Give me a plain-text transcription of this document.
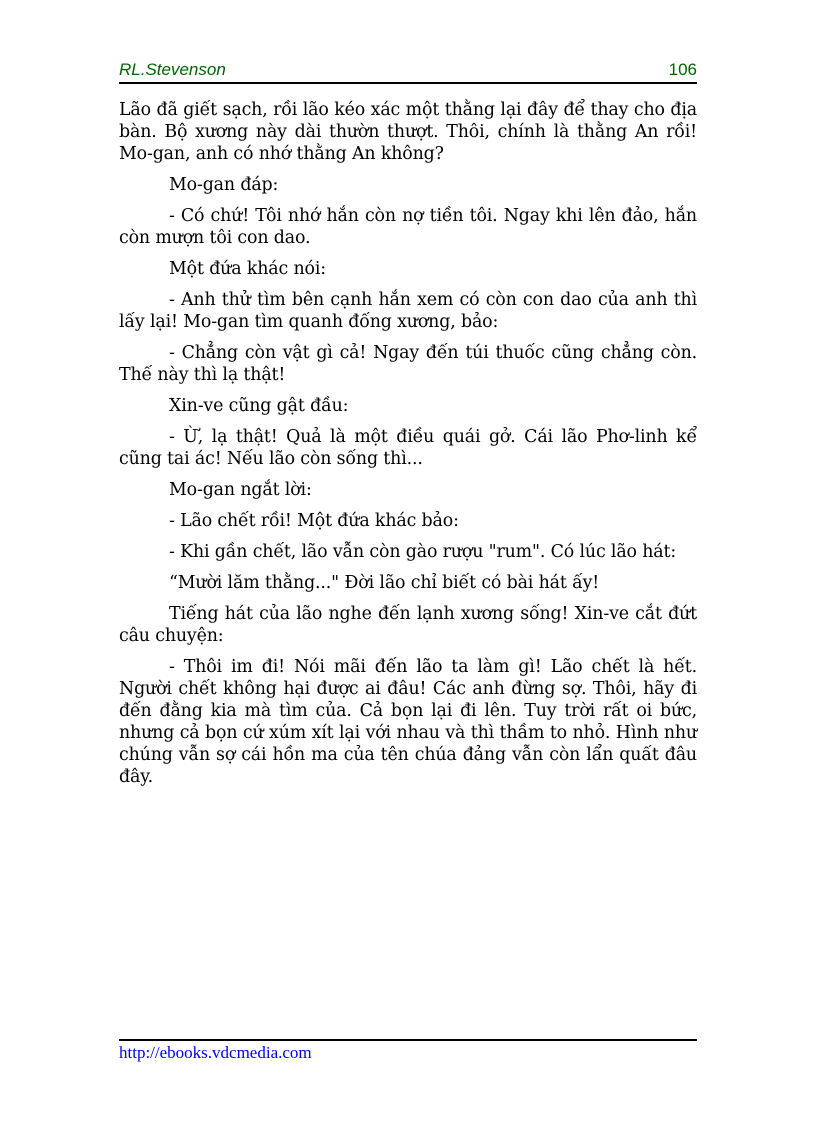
RL.Stevenson	106

Lão đã giết sạch, rồi lão kéo xác một thằng lại đây để thay cho địa bàn. Bộ xương này dài thườn thượt. Thôi, chính là thằng An rồi! Mo-gan, anh có nhớ thằng An không?

Mo-gan đáp:

- Có chứ! Tôi nhớ hắn còn nợ tiền tôi. Ngay khi lên đảo, hắn còn mượn tôi con dao.

Một đứa khác nói:

- Anh thử tìm bên cạnh hắn xem có còn con dao của anh thì lấy lại! Mo-gan tìm quanh đống xương, bảo:

- Chẳng còn vật gì cả! Ngay đến túi thuốc cũng chẳng còn. Thế này thì lạ thật!

Xin-ve cũng gật đầu:

- Ừ, lạ thật! Quả là một điều quái gở. Cái lão Phơ-linh kể cũng tai ác! Nếu lão còn sống thì...

Mo-gan ngắt lời:

- Lão chết rồi! Một đứa khác bảo:

- Khi gần chết, lão vẫn còn gào rượu "rum". Có lúc lão hát:

“Mười lăm thằng..." Đời lão chỉ biết có bài hát ấy!

Tiếng hát của lão nghe đến lạnh xương sống! Xin-ve cắt đứt câu chuyện:

- Thôi im đi! Nói mãi đến lão ta làm gì! Lão chết là hết. Người chết không hại được ai đâu! Các anh đừng sợ. Thôi, hãy đi đến đằng kia mà tìm của. Cả bọn lại đi lên. Tuy trời rất oi bức, nhưng cả bọn cứ xúm xít lại với nhau và thì thầm to nhỏ. Hình như chúng vẫn sợ cái hồn ma của tên chúa đảng vẫn còn lẩn quất đâu đây.

http://ebooks.vdcmedia.com
